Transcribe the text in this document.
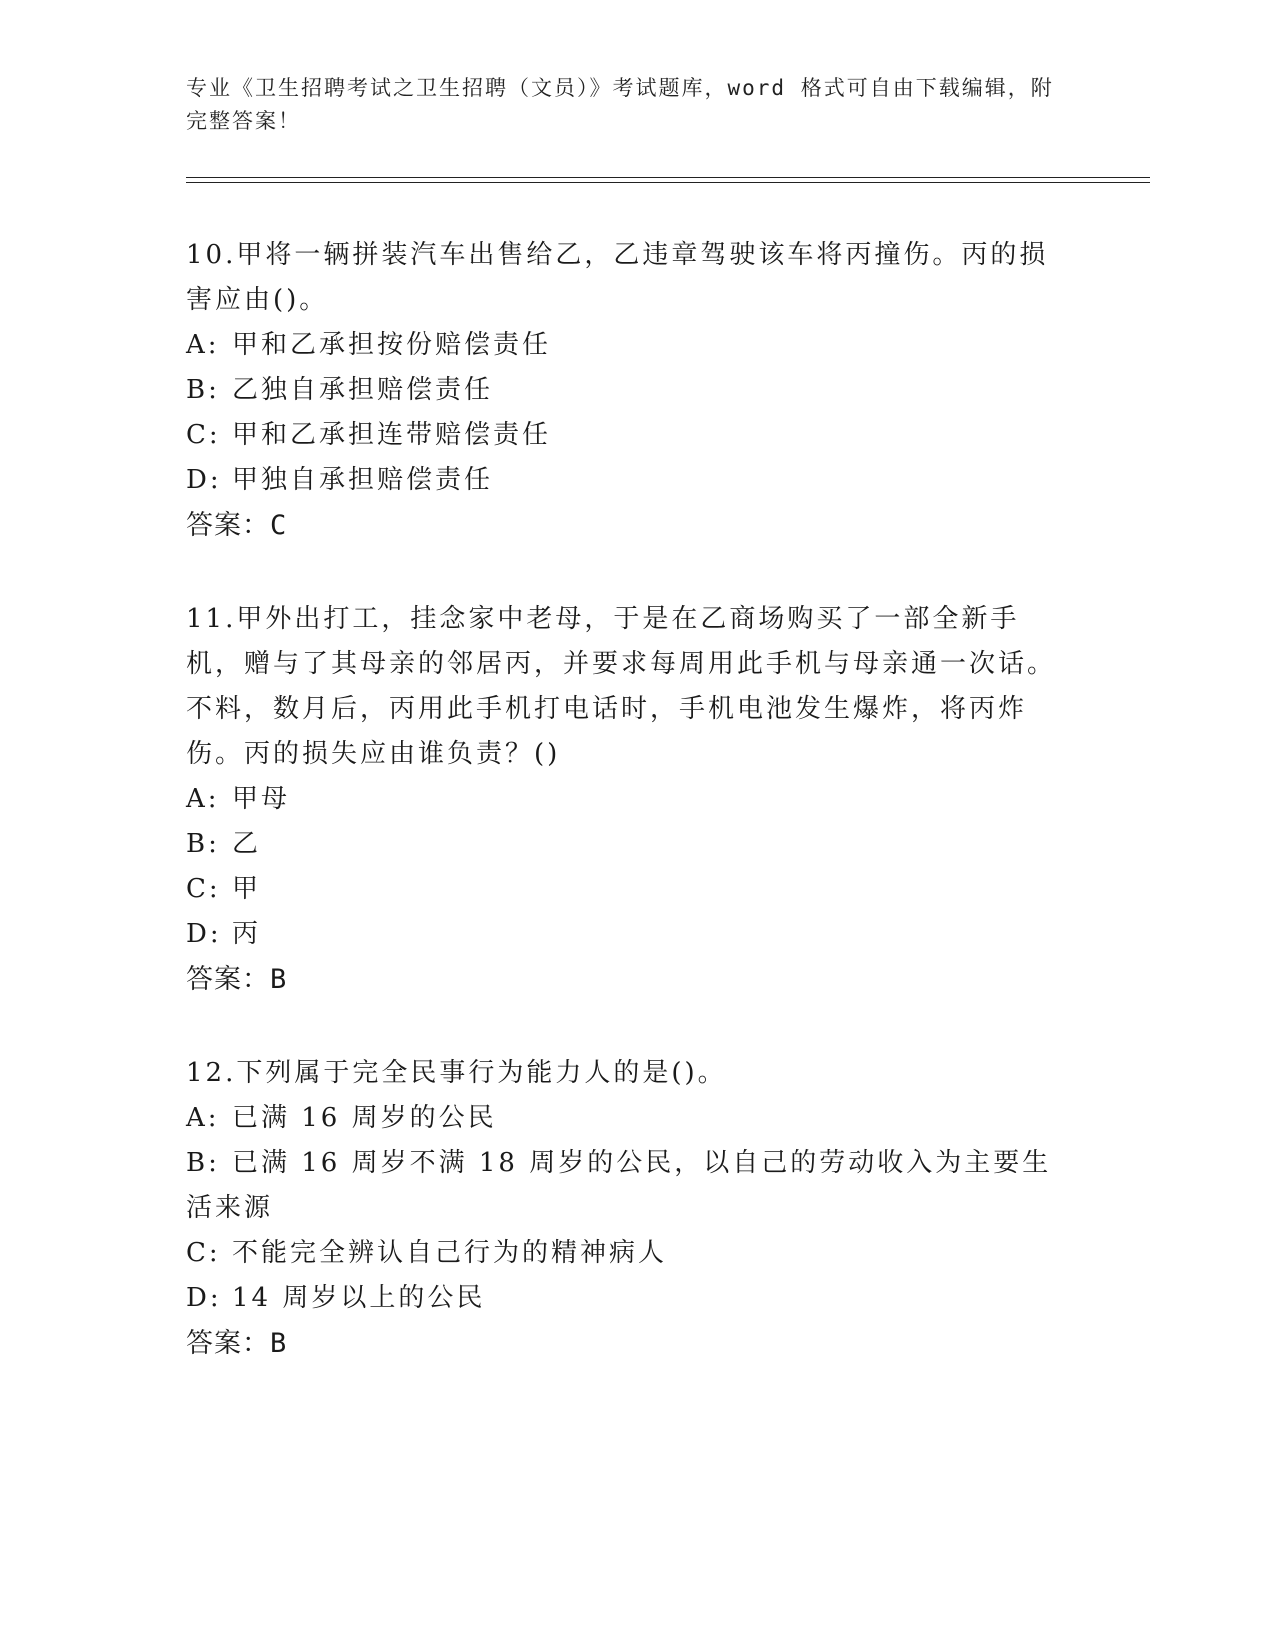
专业《卫生招聘考试之卫生招聘（文员）》考试题库，word 格式可自由下载编辑，附完整答案！

10.甲将一辆拼装汽车出售给乙，乙违章驾驶该车将丙撞伤。丙的损害应由()。

A: 甲和乙承担按份赔偿责任

B: 乙独自承担赔偿责任

C: 甲和乙承担连带赔偿责任

D: 甲独自承担赔偿责任

答案：C

11.甲外出打工，挂念家中老母，于是在乙商场购买了一部全新手机，赠与了其母亲的邻居丙，并要求每周用此手机与母亲通一次话。不料，数月后，丙用此手机打电话时，手机电池发生爆炸，将丙炸伤。丙的损失应由谁负责？()

A: 甲母

B: 乙

C: 甲

D: 丙

答案：B

12.下列属于完全民事行为能力人的是()。

A: 已满 16 周岁的公民

B: 已满 16 周岁不满 18 周岁的公民，以自己的劳动收入为主要生活来源

C: 不能完全辨认自己行为的精神病人

D: 14 周岁以上的公民

答案：B
